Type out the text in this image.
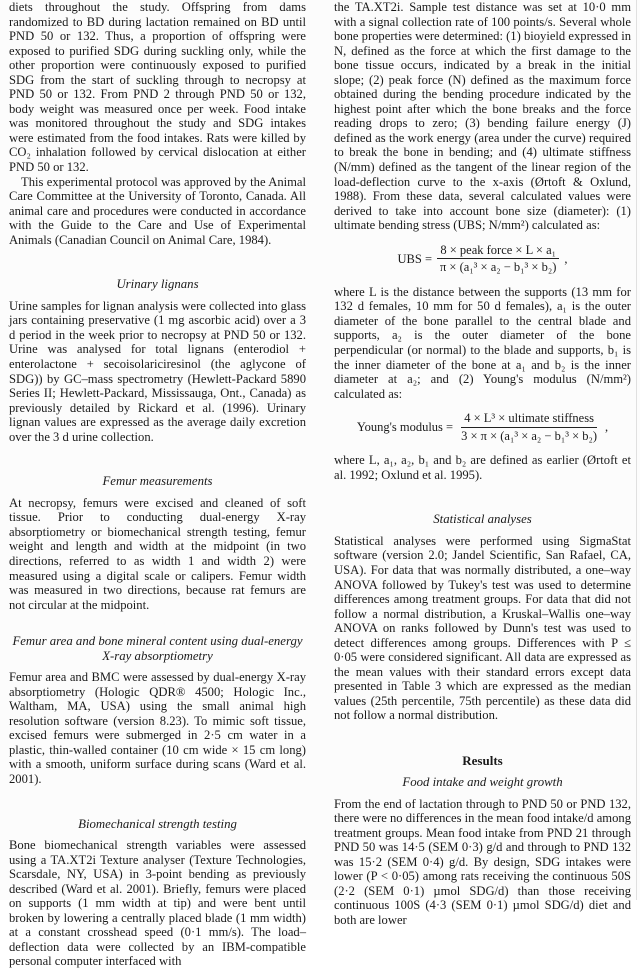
diets throughout the study. Offspring from dams randomized to BD during lactation remained on BD until PND 50 or 132. Thus, a proportion of offspring were exposed to purified SDG during suckling only, while the other proportion were continuously exposed to purified SDG from the start of suckling through to necropsy at PND 50 or 132. From PND 2 through PND 50 or 132, body weight was measured once per week. Food intake was monitored throughout the study and SDG intakes were estimated from the food intakes. Rats were killed by CO₂ inhalation followed by cervical dislocation at either PND 50 or 132.

This experimental protocol was approved by the Animal Care Committee at the University of Toronto, Canada. All animal care and procedures were conducted in accordance with the Guide to the Care and Use of Experimental Animals (Canadian Council on Animal Care, 1984).

Urinary lignans

Urine samples for lignan analysis were collected into glass jars containing preservative (1 mg ascorbic acid) over a 3 d period in the week prior to necropsy at PND 50 or 132. Urine was analysed for total lignans (enterodiol + enterolactone + secoisolariciresinol (the aglycone of SDG)) by GC–mass spectrometry (Hewlett-Packard 5890 Series II; Hewlett-Packard, Mississauga, Ont., Canada) as previously detailed by Rickard et al. (1996). Urinary lignan values are expressed as the average daily excretion over the 3 d urine collection.

Femur measurements

At necropsy, femurs were excised and cleaned of soft tissue. Prior to conducting dual-energy X-ray absorptiometry or biomechanical strength testing, femur weight and length and width at the midpoint (in two directions, referred to as width 1 and width 2) were measured using a digital scale or calipers. Femur width was measured in two directions, because rat femurs are not circular at the midpoint.

Femur area and bone mineral content using dual-energy X-ray absorptiometry

Femur area and BMC were assessed by dual-energy X-ray absorptiometry (Hologic QDR® 4500; Hologic Inc., Waltham, MA, USA) using the small animal high resolution software (version 8.23). To mimic soft tissue, excised femurs were submerged in 2·5 cm water in a plastic, thin-walled container (10 cm wide × 15 cm long) with a smooth, uniform surface during scans (Ward et al. 2001).

Biomechanical strength testing

Bone biomechanical strength variables were assessed using a TA.XT2i Texture analyser (Texture Technologies, Scarsdale, NY, USA) in 3-point bending as previously described (Ward et al. 2001). Briefly, femurs were placed on supports (1 mm width at tip) and were bent until broken by lowering a centrally placed blade (1 mm width) at a constant crosshead speed (0·1 mm/s). The load–deflection data were collected by an IBM-compatible personal computer interfaced with

the TA.XT2i. Sample test distance was set at 10·0 mm with a signal collection rate of 100 points/s. Several whole bone properties were determined: (1) bioyield expressed in N, defined as the force at which the first damage to the bone tissue occurs, indicated by a break in the initial slope; (2) peak force (N) defined as the maximum force obtained during the bending procedure indicated by the highest point after which the bone breaks and the force reading drops to zero; (3) bending failure energy (J) defined as the work energy (area under the curve) required to break the bone in bending; and (4) ultimate stiffness (N/mm) defined as the tangent of the linear region of the load-deflection curve to the x-axis (Ørtoft & Oxlund, 1988). From these data, several calculated values were derived to take into account bone size (diameter): (1) ultimate bending stress (UBS; N/mm²) calculated as:

UBS = $\frac{\text{8 × peak force × L × a₁}}{\text{π × (a₁³ × a₂ − b₁³ × b₂)}}$ ,

where L is the distance between the supports (13 mm for 132 d females, 10 mm for 50 d females), a₁ is the outer diameter of the bone parallel to the central blade and supports, a₂ is the outer diameter of the bone perpendicular (or normal) to the blade and supports, b₁ is the inner diameter of the bone at a₁ and b₂ is the inner diameter at a₂; and (2) Young's modulus (N/mm²) calculated as:

Young's modulus = $\frac{\text{4 × L³ × ultimate stiffness}}{\text{3 × π × (a₁³ × a₂ − b₁³ × b₂)}}$ ,

where L, a₁, a₂, b₁ and b₂ are defined as earlier (Ørtoft et al. 1992; Oxlund et al. 1995).

Statistical analyses

Statistical analyses were performed using SigmaStat software (version 2.0; Jandel Scientific, San Rafael, CA, USA). For data that was normally distributed, a one–way ANOVA followed by Tukey's test was used to determine differences among treatment groups. For data that did not follow a normal distribution, a Kruskal–Wallis one–way ANOVA on ranks followed by Dunn's test was used to detect differences among groups. Differences with P ≤ 0·05 were considered significant. All data are expressed as the mean values with their standard errors except data presented in Table 3 which are expressed as the median values (25th percentile, 75th percentile) as these data did not follow a normal distribution.

Results
Food intake and weight growth

From the end of lactation through to PND 50 or PND 132, there were no differences in the mean food intake/d among treatment groups. Mean food intake from PND 21 through PND 50 was 14·5 (SEM 0·3) g/d and through to PND 132 was 15·2 (SEM 0·4) g/d. By design, SDG intakes were lower (P < 0·05) among rats receiving the continuous 50S (2·2 (SEM 0·1) µmol SDG/d) than those receiving continuous 100S (4·3 (SEM 0·1) µmol SDG/d) diet and both are lower
